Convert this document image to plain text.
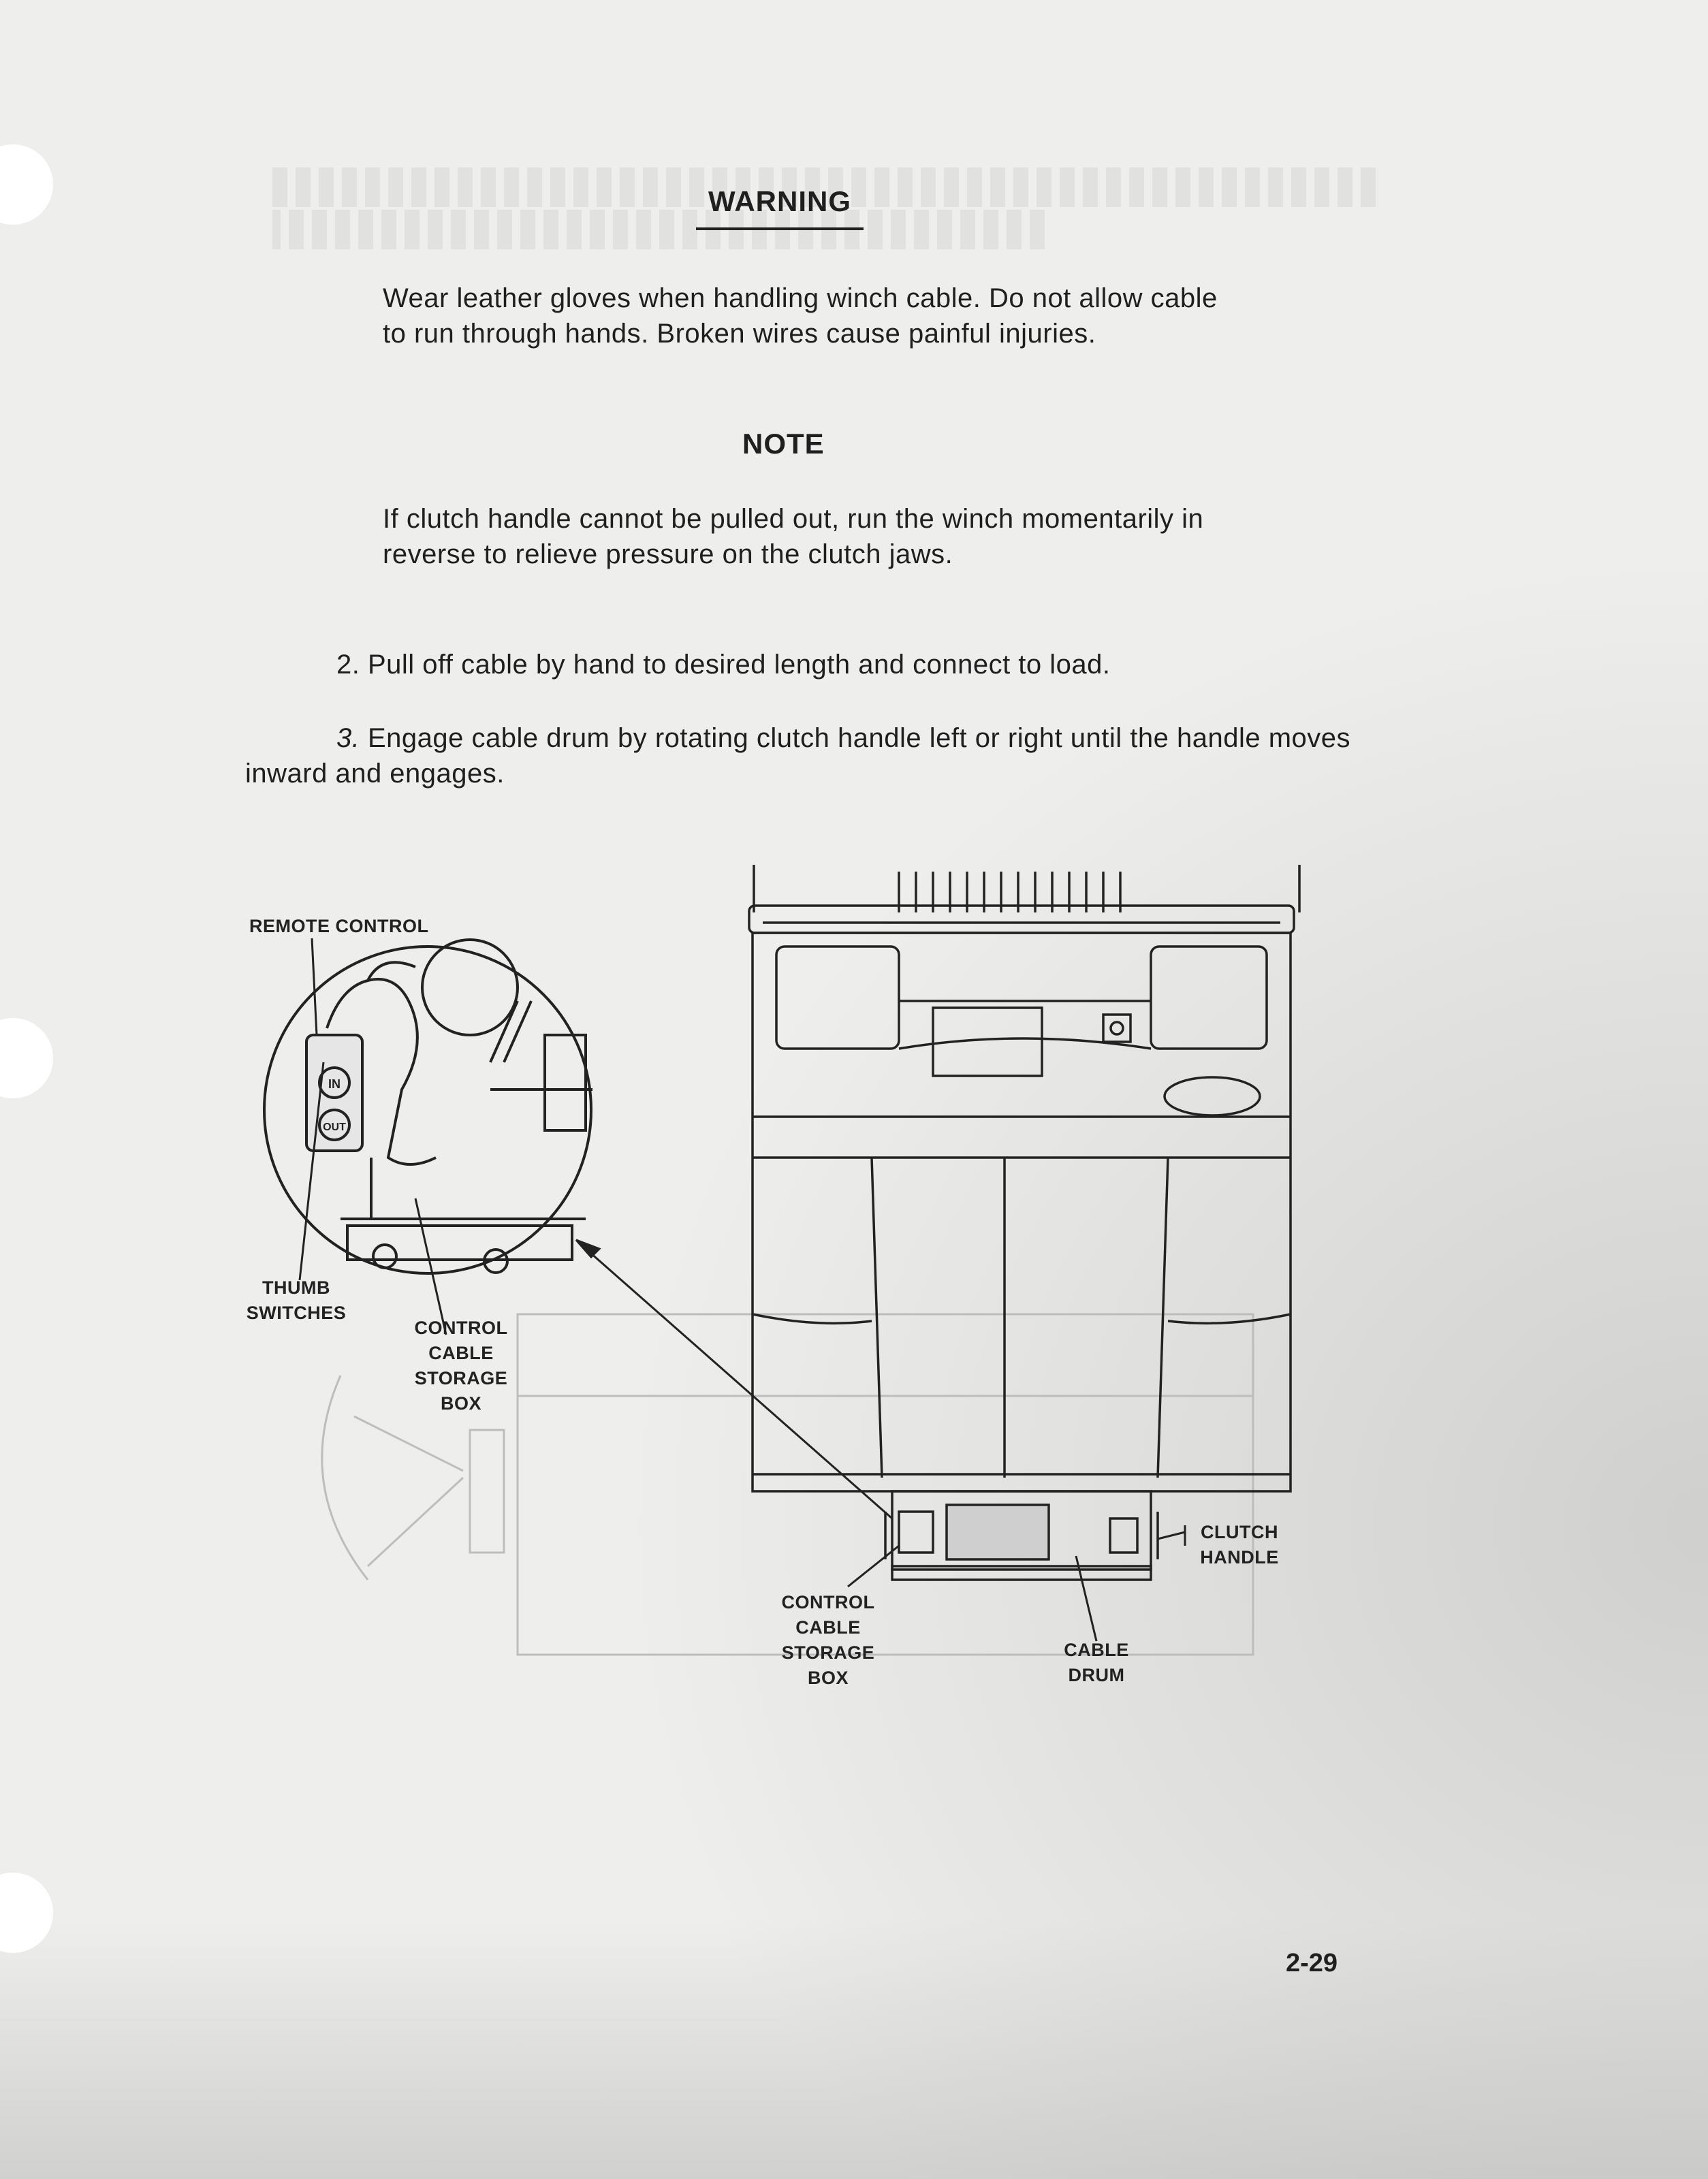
WARNING
Wear leather gloves when handling winch cable. Do not allow cable to run through hands. Broken wires cause painful injuries.
NOTE
If clutch handle cannot be pulled out, run the winch momentarily in reverse to relieve pressure on the clutch jaws.
2. Pull off cable by hand to desired length and connect to load.
3. Engage cable drum by rotating clutch handle left or right until the handle moves inward and engages.
IN
OUT
REMOTE CONTROL
THUMB
SWITCHES
CONTROL
CABLE
STORAGE
BOX
CLUTCH
HANDLE
CONTROL
CABLE
STORAGE
BOX
CABLE
DRUM
2-29
